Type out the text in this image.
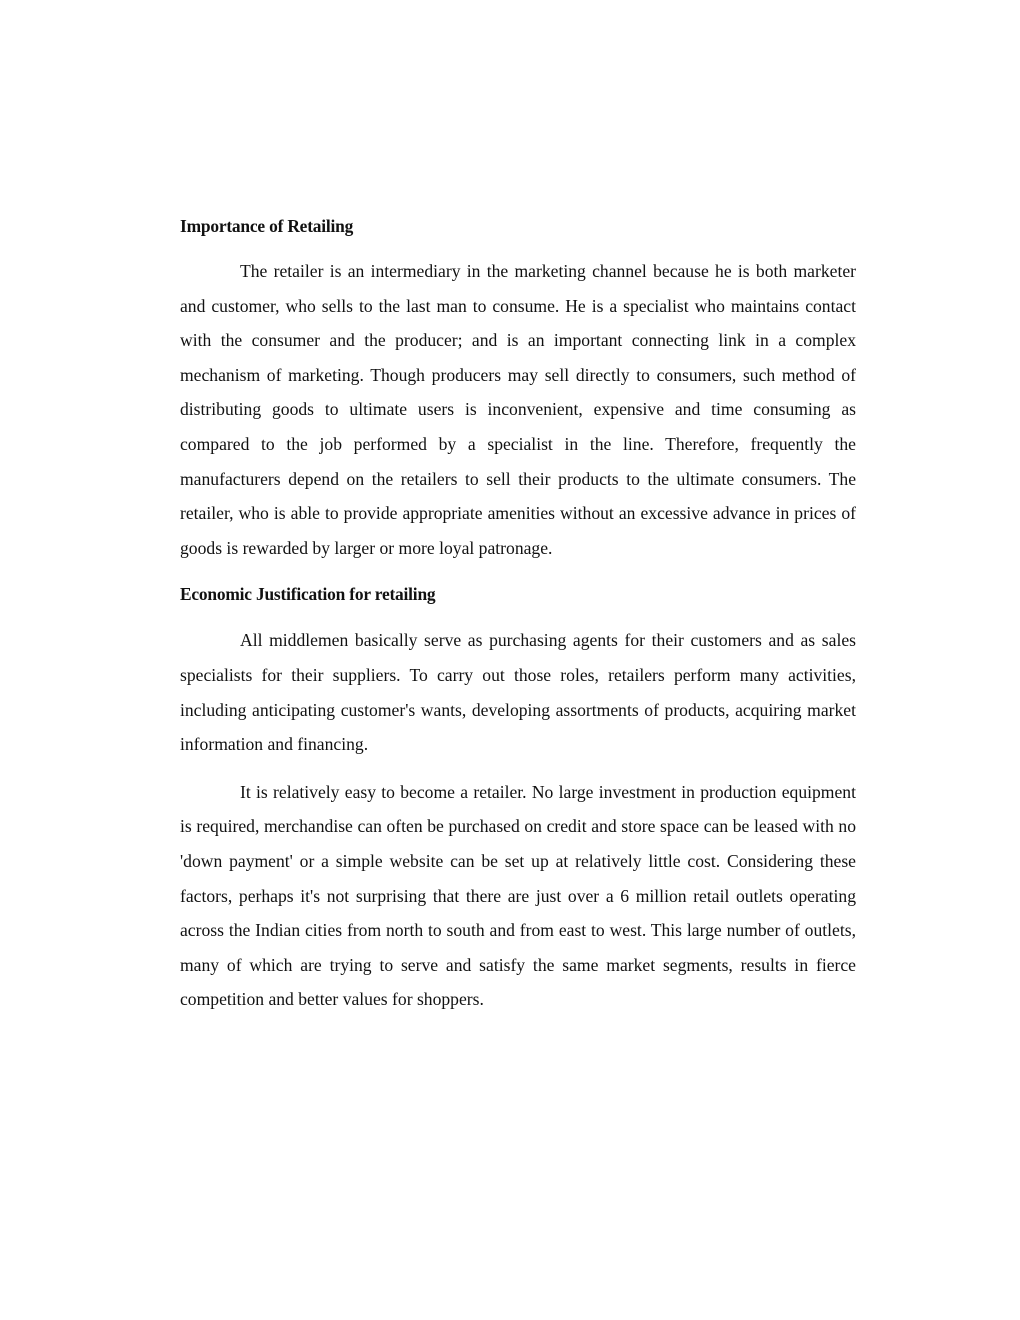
Importance of Retailing

The retailer is an intermediary in the marketing channel because he is both marketer and customer, who sells to the last man to consume. He is a specialist who maintains contact with the consumer and the producer; and is an important connecting link in a complex mechanism of marketing. Though producers may sell directly to consumers, such method of distributing goods to ultimate users is inconvenient, expensive and time consuming as compared to the job performed by a specialist in the line. Therefore, frequently the manufacturers depend on the retailers to sell their products to the ultimate consumers. The retailer, who is able to provide appropriate amenities without an excessive advance in prices of goods is rewarded by larger or more loyal patronage.

Economic Justification for retailing

All middlemen basically serve as purchasing agents for their customers and as sales specialists for their suppliers. To carry out those roles, retailers perform many activities, including anticipating customer's wants, developing assortments of products, acquiring market information and financing.

It is relatively easy to become a retailer. No large investment in production equipment is required, merchandise can often be purchased on credit and store space can be leased with no 'down payment' or a simple website can be set up at relatively little cost. Considering these factors, perhaps it's not surprising that there are just over a 6 million retail outlets operating across the Indian cities from north to south and from east to west. This large number of outlets, many of which are trying to serve and satisfy the same market segments, results in fierce competition and better values for shoppers.
